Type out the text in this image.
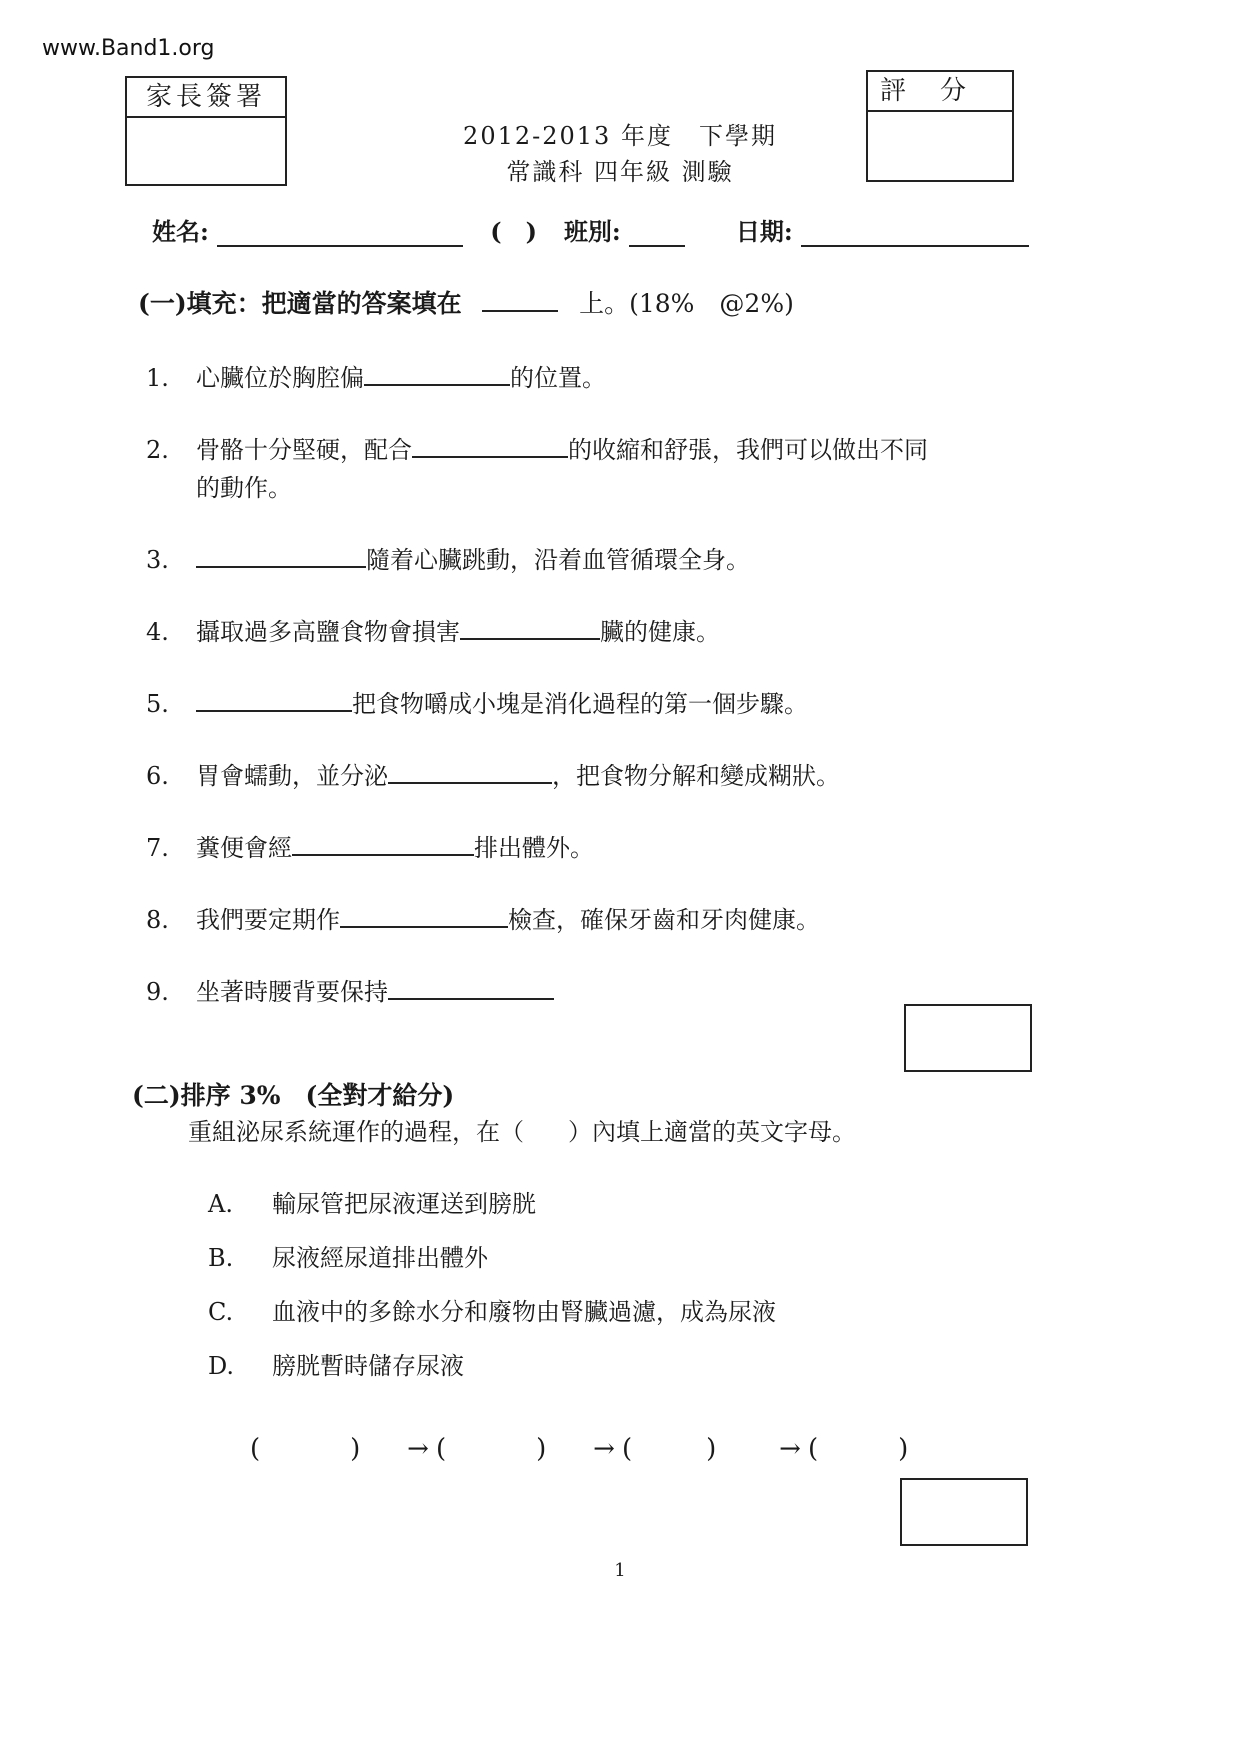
www.Band1.org
家長簽署	評　分
2012-2013 年度　下學期
常識科 四年級 測驗
姓名:	(　) 班別:	日期:
(一)填充：把適當的答案填在	上。(18%　@2%)
1. 心臟位於胸腔偏	的位置。
2. 骨骼十分堅硬，配合	的收縮和舒張，我們可以做出不同
的動作。
3.	隨着心臟跳動，沿着血管循環全身。
4. 攝取過多高鹽食物會損害	臟的健康。
5.	把食物嚼成小塊是消化過程的第一個步驟。
6. 胃會蠕動，並分泌	，把食物分解和變成糊狀。
7. 糞便會經	排出體外。
8. 我們要定期作	檢查，確保牙齒和牙肉健康。
9. 坐著時腰背要保持
(二)排序 3%　(全對才給分)
重組泌尿系統運作的過程，在（ ）內填上適當的英文字母。
A. 輸尿管把尿液運送到膀胱
B. 尿液經尿道排出體外
C. 血液中的多餘水分和廢物由腎臟過濾，成為尿液
D. 膀胱暫時儲存尿液
(	) → (	) → (	) → (	)
1
